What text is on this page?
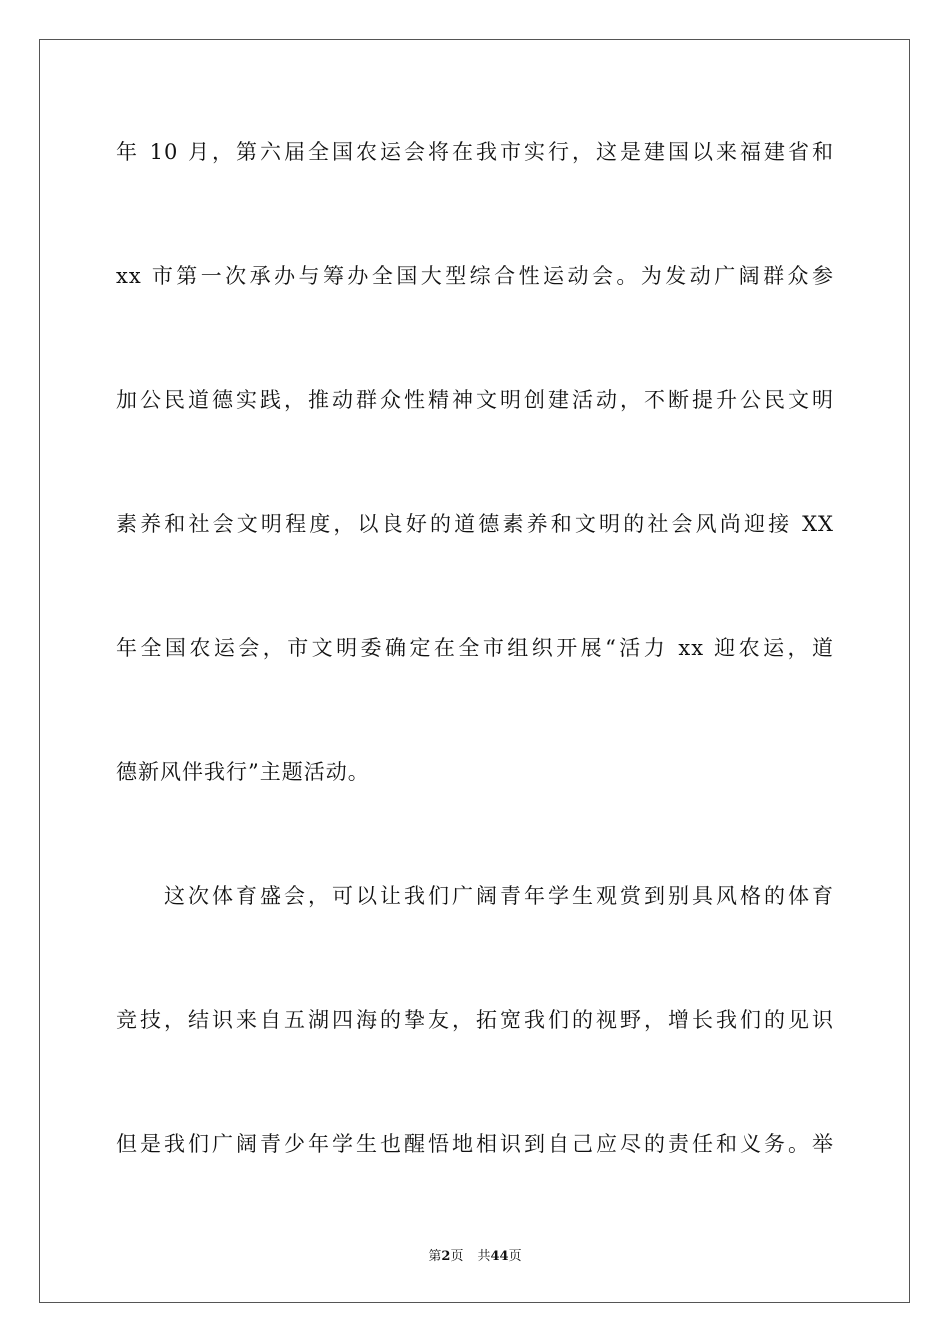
年 10 月，第六届全国农运会将在我市实行，这是建国以来福建省和
xx 市第一次承办与筹办全国大型综合性运动会。为发动广阔群众参
加公民道德实践，推动群众性精神文明创建活动，不断提升公民文明
素养和社会文明程度，以良好的道德素养和文明的社会风尚迎接 XX
年全国农运会，市文明委确定在全市组织开展“活力 xx 迎农运，道
德新风伴我行”主题活动。
这次体育盛会，可以让我们广阔青年学生观赏到别具风格的体育
竞技，结识来自五湖四海的挚友，拓宽我们的视野，增长我们的见识
但是我们广阔青少年学生也醒悟地相识到自己应尽的责任和义务。举
第2页 共44页
